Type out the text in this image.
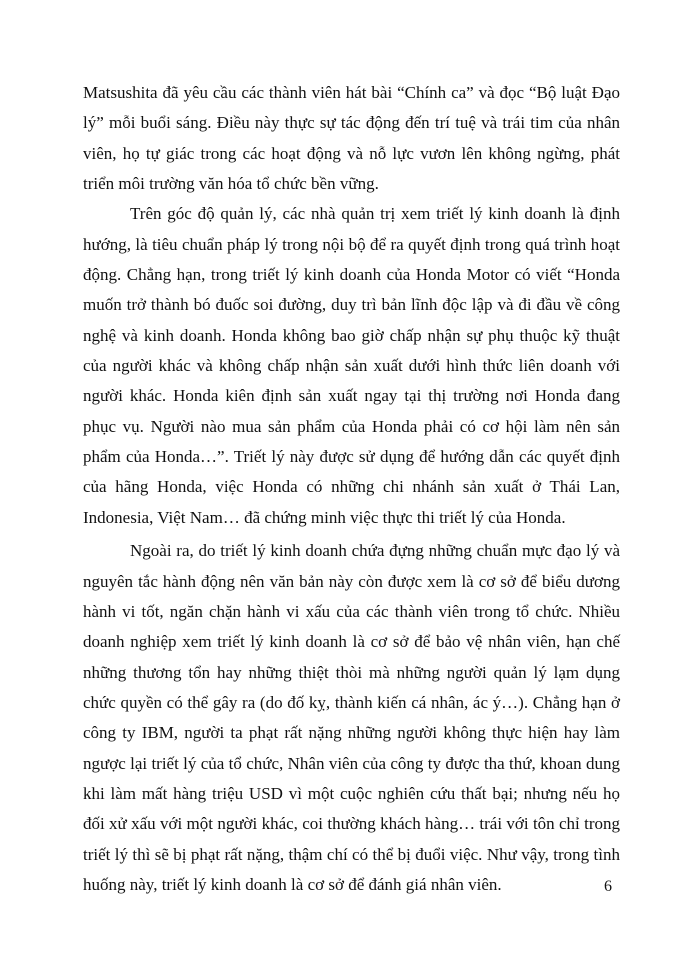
Matsushita đã yêu cầu các thành viên hát bài “Chính ca” và đọc “Bộ luật Đạo lý” mỗi buổi sáng. Điều này thực sự tác động đến trí tuệ và trái tim của nhân viên, họ tự giác trong các hoạt động và nỗ lực vươn lên không ngừng, phát triển môi trường văn hóa tổ chức bền vững.

Trên góc độ quản lý, các nhà quản trị xem triết lý kinh doanh là định hướng, là tiêu chuẩn pháp lý trong nội bộ để ra quyết định trong quá trình hoạt động. Chẳng hạn, trong triết lý kinh doanh của Honda Motor có viết “Honda muốn trở thành bó đuốc soi đường, duy trì bản lĩnh độc lập và đi đầu về công nghệ và kinh doanh. Honda không bao giờ chấp nhận sự phụ thuộc kỹ thuật của người khác và không chấp nhận sản xuất dưới hình thức liên doanh với người khác. Honda kiên định sản xuất ngay tại thị trường nơi Honda đang phục vụ. Người nào mua sản phẩm của Honda phải có cơ hội làm nên sản phẩm của Honda…”. Triết lý này được sử dụng để hướng dẫn các quyết định của hãng Honda, việc Honda có những chi nhánh sản xuất ở Thái Lan, Indonesia, Việt Nam… đã chứng minh việc thực thi triết lý của Honda.

Ngoài ra, do triết lý kinh doanh chứa đựng những chuẩn mực đạo lý và nguyên tắc hành động nên văn bản này còn được xem là cơ sở để biểu dương hành vi tốt, ngăn chặn hành vi xấu của các thành viên trong tổ chức. Nhiều doanh nghiệp xem triết lý kinh doanh là cơ sở để bảo vệ nhân viên, hạn chế những thương tổn hay những thiệt thòi mà những người quản lý lạm dụng chức quyền có thể gây ra (do đố kỵ, thành kiến cá nhân, ác ý…). Chẳng hạn ở công ty IBM, người ta phạt rất nặng những người không thực hiện hay làm ngược lại triết lý của tổ chức, Nhân viên của công ty được tha thứ, khoan dung khi làm mất hàng triệu USD vì một cuộc nghiên cứu thất bại; nhưng nếu họ đối xử xấu với một người khác, coi thường khách hàng… trái với tôn chỉ trong triết lý thì sẽ bị phạt rất nặng, thậm chí có thể bị đuổi việc. Như vậy, trong tình huống này, triết lý kinh doanh là cơ sở để đánh giá nhân viên.	6
